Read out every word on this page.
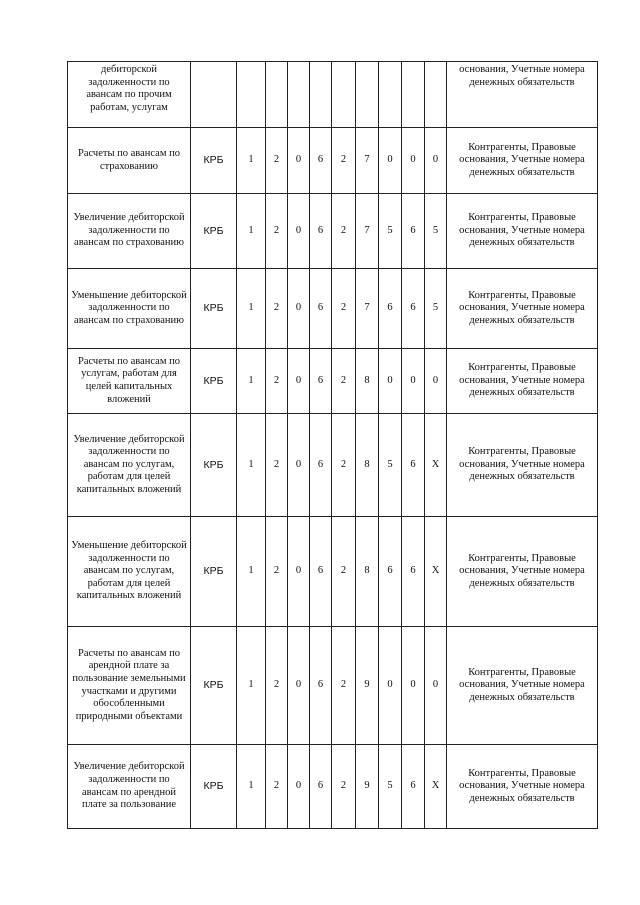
дебиторской задолженности по авансам по прочим работам, услугам											основания, Учетные номера денежных обязательств
Расчеты по авансам по страхованию	КРБ	1	2	0	6	2	7	0	0	0	Контрагенты, Правовые основания, Учетные номера денежных обязательств
Увеличение дебиторской задолженности по авансам по страхованию	КРБ	1	2	0	6	2	7	5	6	5	Контрагенты, Правовые основания, Учетные номера денежных обязательств
Уменьшение дебиторской задолженности по авансам по страхованию	КРБ	1	2	0	6	2	7	6	6	5	Контрагенты, Правовые основания, Учетные номера денежных обязательств
Расчеты по авансам по услугам, работам для целей капитальных вложений	КРБ	1	2	0	6	2	8	0	0	0	Контрагенты, Правовые основания, Учетные номера денежных обязательств
Увеличение дебиторской задолженности по авансам по услугам, работам для целей капитальных вложений	КРБ	1	2	0	6	2	8	5	6	X	Контрагенты, Правовые основания, Учетные номера денежных обязательств
Уменьшение дебиторской задолженности по авансам по услугам, работам для целей капитальных вложений	КРБ	1	2	0	6	2	8	6	6	X	Контрагенты, Правовые основания, Учетные номера денежных обязательств
Расчеты по авансам по арендной плате за пользование земельными участками и другими обособленными природными объектами	КРБ	1	2	0	6	2	9	0	0	0	Контрагенты, Правовые основания, Учетные номера денежных обязательств
Увеличение дебиторской задолженности по авансам по арендной плате за пользование	КРБ	1	2	0	6	2	9	5	6	X	Контрагенты, Правовые основания, Учетные номера денежных обязательств
